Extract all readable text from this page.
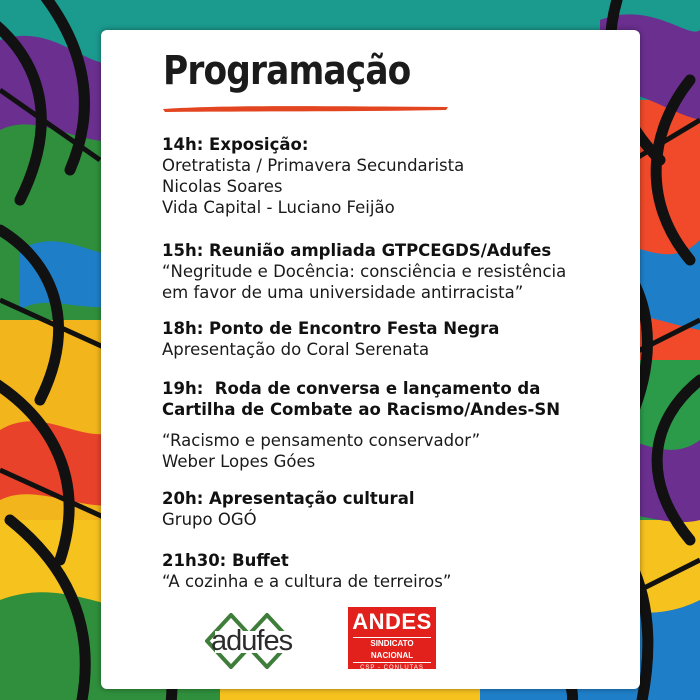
Programação
14h: Exposição:
Oretratista / Primavera Secundarista
Nicolas Soares
Vida Capital - Luciano Feijão
15h: Reunião ampliada GTPCEGDS/Adufes
“Negritude e Docência: consciência e resistência
em favor de uma universidade antirracista”
18h: Ponto de Encontro Festa Negra
Apresentação do Coral Serenata
19h:  Roda de conversa e lançamento da
Cartilha de Combate ao Racismo/Andes-SN
“Racismo e pensamento conservador”
Weber Lopes Góes
20h: Apresentação cultural
Grupo OGÓ
21h30: Buffet
“A cozinha e a cultura de terreiros”
adufes
ANDES
SINDICATO NACIONAL
CSP - CONLUTAS
